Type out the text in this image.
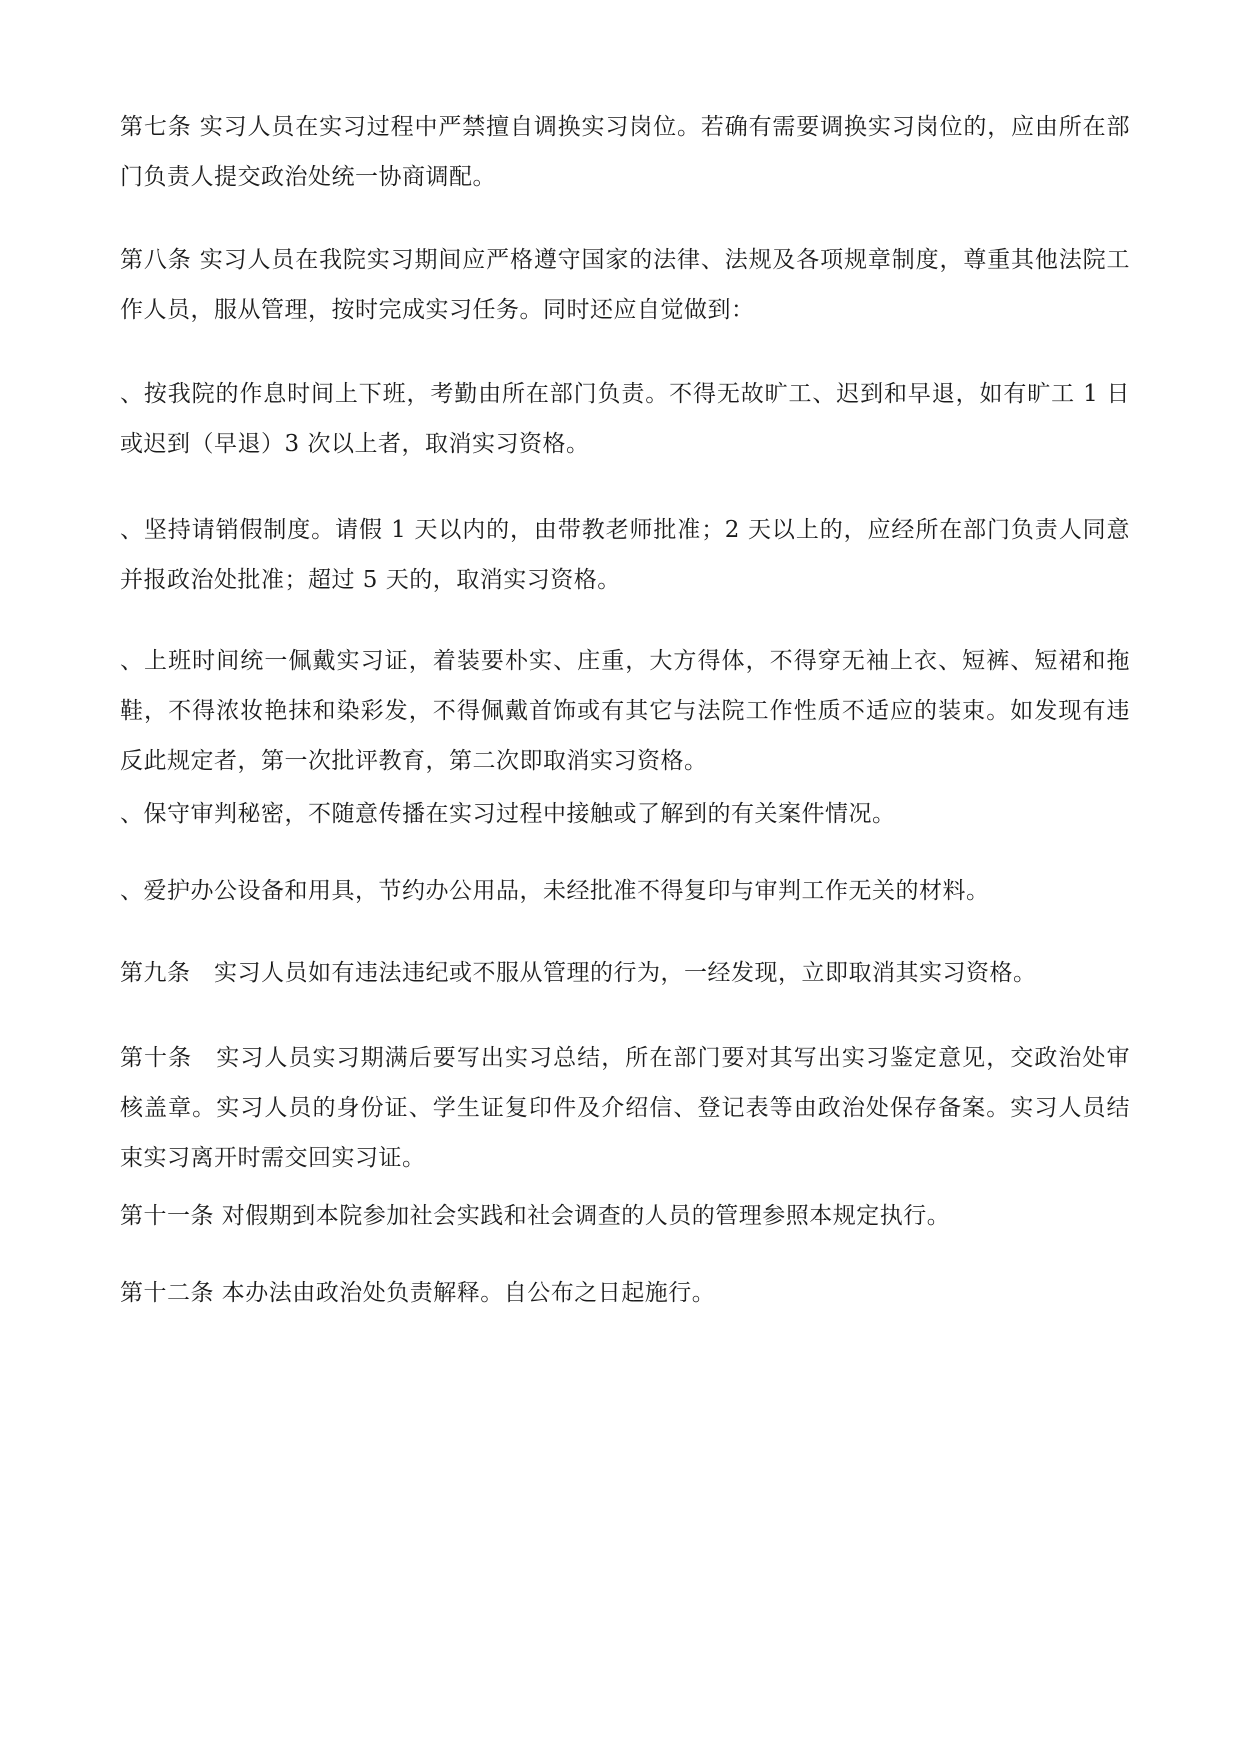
第七条 实习人员在实习过程中严禁擅自调换实习岗位。若确有需要调换实习岗位的，应由所在部门负责人提交政治处统一协商调配。

第八条 实习人员在我院实习期间应严格遵守国家的法律、法规及各项规章制度，尊重其他法院工作人员，服从管理，按时完成实习任务。同时还应自觉做到：

、按我院的作息时间上下班，考勤由所在部门负责。不得无故旷工、迟到和早退，如有旷工 1 日或迟到（早退）3 次以上者，取消实习资格。

、坚持请销假制度。请假 1 天以内的，由带教老师批准；2 天以上的，应经所在部门负责人同意并报政治处批准；超过 5 天的，取消实习资格。

、上班时间统一佩戴实习证，着装要朴实、庄重，大方得体，不得穿无袖上衣、短裤、短裙和拖鞋，不得浓妆艳抹和染彩发，不得佩戴首饰或有其它与法院工作性质不适应的装束。如发现有违反此规定者，第一次批评教育，第二次即取消实习资格。

、保守审判秘密，不随意传播在实习过程中接触或了解到的有关案件情况。

、爱护办公设备和用具，节约办公用品，未经批准不得复印与审判工作无关的材料。

第九条　实习人员如有违法违纪或不服从管理的行为，一经发现，立即取消其实习资格。

第十条　实习人员实习期满后要写出实习总结，所在部门要对其写出实习鉴定意见，交政治处审核盖章。实习人员的身份证、学生证复印件及介绍信、登记表等由政治处保存备案。实习人员结束实习离开时需交回实习证。

第十一条 对假期到本院参加社会实践和社会调查的人员的管理参照本规定执行。

第十二条 本办法由政治处负责解释。自公布之日起施行。
